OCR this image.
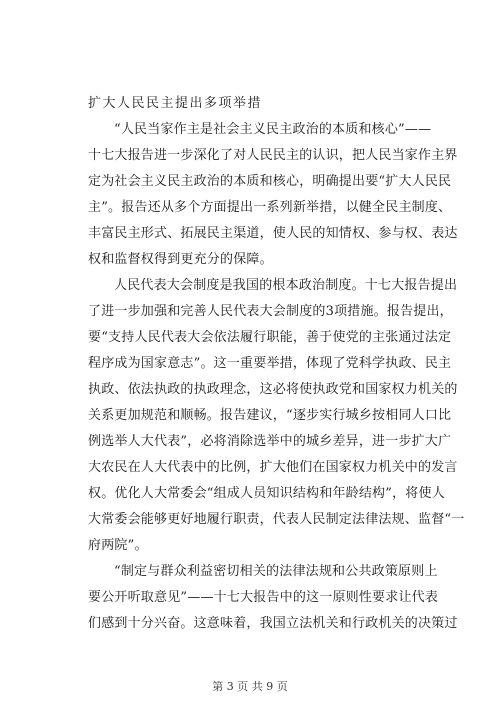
扩大人民民主提出多项举措
“人民当家作主是社会主义民主政治的本质和核心”——
十七大报告进一步深化了对人民民主的认识，把人民当家作主界
定为社会主义民主政治的本质和核心，明确提出要“扩大人民民
主”。报告还从多个方面提出一系列新举措，以健全民主制度、
丰富民主形式、拓展民主渠道，使人民的知情权、参与权、表达
权和监督权得到更充分的保障。
人民代表大会制度是我国的根本政治制度。十七大报告提出
了进一步加强和完善人民代表大会制度的3项措施。报告提出，
要“支持人民代表大会依法履行职能，善于使党的主张通过法定
程序成为国家意志”。这一重要举措，体现了党科学执政、民主
执政、依法执政的执政理念，这必将使执政党和国家权力机关的
关系更加规范和顺畅。报告建议，“逐步实行城乡按相同人口比
例选举人大代表”，必将消除选举中的城乡差异，进一步扩大广
大农民在人大代表中的比例，扩大他们在国家权力机关中的发言
权。优化人大常委会“组成人员知识结构和年龄结构”，将使人
大常委会能够更好地履行职责，代表人民制定法律法规、监督“一
府两院”。
“制定与群众利益密切相关的法律法规和公共政策原则上
要公开听取意见”——十七大报告中的这一原则性要求让代表
们感到十分兴奋。这意味着，我国立法机关和行政机关的决策过
第 3 页 共 9 页
